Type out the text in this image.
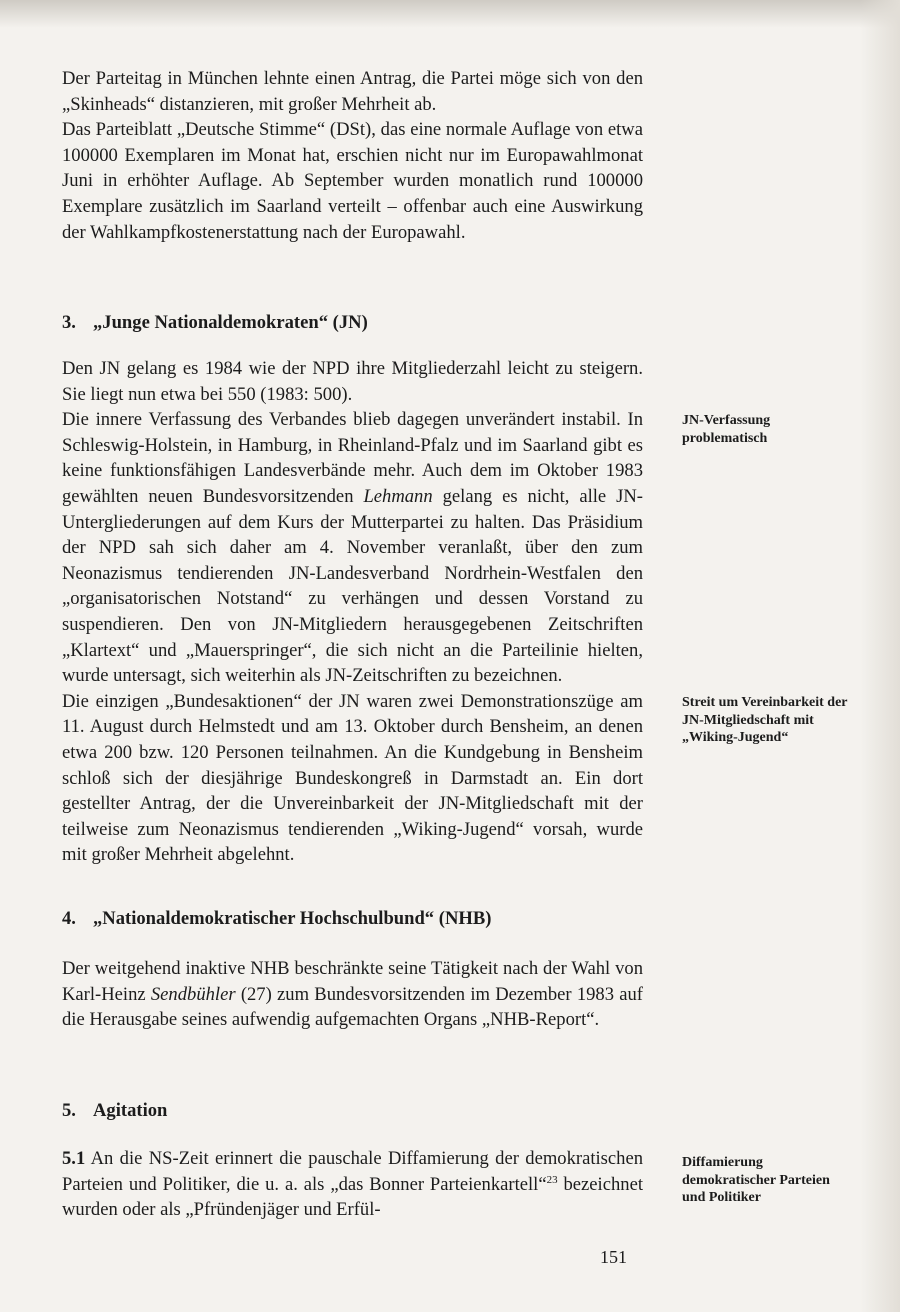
Der Parteitag in München lehnte einen Antrag, die Partei möge sich von den „Skinheads“ distanzieren, mit großer Mehrheit ab.

Das Parteiblatt „Deutsche Stimme“ (DSt), das eine normale Auflage von etwa 100000 Exemplaren im Monat hat, erschien nicht nur im Europawahlmonat Juni in erhöhter Auflage. Ab September wurden monatlich rund 100000 Exemplare zusätzlich im Saarland verteilt – offenbar auch eine Auswirkung der Wahlkampfkostenerstattung nach der Europawahl.

3. „Junge Nationaldemokraten“ (JN)

Den JN gelang es 1984 wie der NPD ihre Mitgliederzahl leicht zu steigern. Sie liegt nun etwa bei 550 (1983: 500).

Die innere Verfassung des Verbandes blieb dagegen unverändert instabil. In Schleswig-Holstein, in Hamburg, in Rheinland-Pfalz und im Saarland gibt es keine funktionsfähigen Landesverbände mehr. Auch dem im Oktober 1983 gewählten neuen Bundesvorsitzenden Lehmann gelang es nicht, alle JN-Untergliederungen auf dem Kurs der Mutterpartei zu halten. Das Präsidium der NPD sah sich daher am 4. November veranlaßt, über den zum Neonazismus tendierenden JN-Landesverband Nordrhein-Westfalen den „organisatorischen Notstand“ zu verhängen und dessen Vorstand zu suspendieren. Den von JN-Mitgliedern herausgegebenen Zeitschriften „Klartext“ und „Mauerspringer“, die sich nicht an die Parteilinie hielten, wurde untersagt, sich weiterhin als JN-Zeitschriften zu bezeichnen.

Die einzigen „Bundesaktionen“ der JN waren zwei Demonstrationszüge am 11. August durch Helmstedt und am 13. Oktober durch Bensheim, an denen etwa 200 bzw. 120 Personen teilnahmen. An die Kundgebung in Bensheim schloß sich der diesjährige Bundeskongreß in Darmstadt an. Ein dort gestellter Antrag, der die Unvereinbarkeit der JN-Mitgliedschaft mit der teilweise zum Neonazismus tendierenden „Wiking-Jugend“ vorsah, wurde mit großer Mehrheit abgelehnt.

JN-Verfassung problematisch
Streit um Vereinbarkeit der JN-Mitgliedschaft mit „Wiking-Jugend“
4. „Nationaldemokratischer Hochschulbund“ (NHB)

Der weitgehend inaktive NHB beschränkte seine Tätigkeit nach der Wahl von Karl-Heinz Sendbühler (27) zum Bundesvorsitzenden im Dezember 1983 auf die Herausgabe seines aufwendig aufgemachten Organs „NHB-Report“.

5. Agitation

5.1 An die NS-Zeit erinnert die pauschale Diffamierung der demokratischen Parteien und Politiker, die u. a. als „das Bonner Parteienkartell“$^{23}$ bezeichnet wurden oder als „Pfründenjäger und Erfül-

Diffamierung demokratischer Parteien und Politiker
151
